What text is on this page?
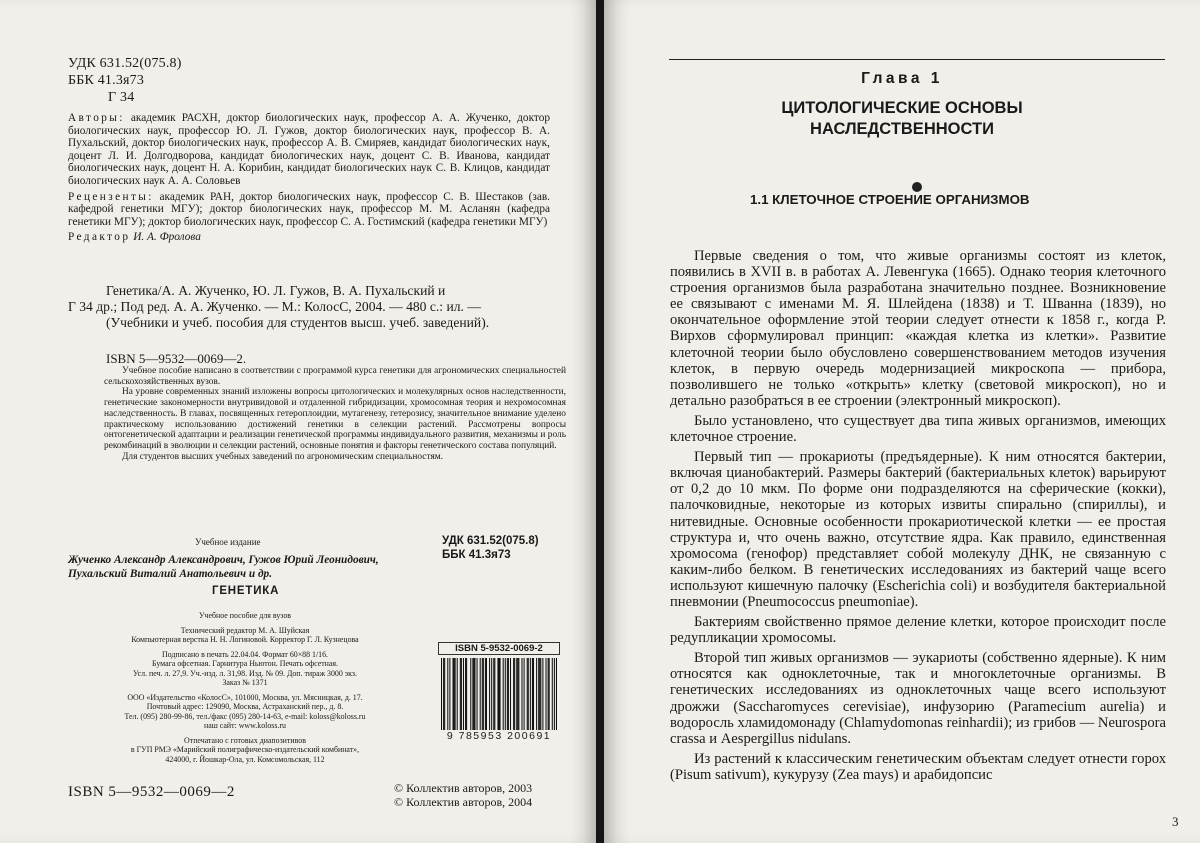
УДК 631.52(075.8)
ББК 41.3я73
Г 34

Авторы: академик РАСХН, доктор биологических наук, профессор А. А. Жученко, доктор биологических наук, профессор Ю. Л. Гужов, доктор биологических наук, профессор В. А. Пухальский, доктор биологических наук, профессор А. В. Смиряев, кандидат биологических наук, доцент Л. И. Долгодворова, кандидат биологических наук, доцент С. В. Иванова, кандидат биологических наук, доцент Н. А. Корибин, кандидат биологических наук С. В. Клицов, кандидат биологических наук А. А. Соловьев

Рецензенты: академик РАН, доктор биологических наук, профессор С. В. Шестаков (зав. кафедрой генетики МГУ); доктор биологических наук, профессор М. М. Асланян (кафедра генетики МГУ); доктор биологических наук, профессор С. А. Гостимский (кафедра генетики МГУ)

Редактор И. А. Фролова

Генетика/А. А. Жученко, Ю. Л. Гужов, В. А. Пухальский и

Г 34 др.; Под ред. А. А. Жученко. — М.: КолосС, 2004. — 480 с.: ил. —

(Учебники и учеб. пособия для студентов высш. учеб. заведений).

ISBN 5—9532—0069—2.

Учебное пособие написано в соответствии с программой курса генетики для агрономических специальностей сельскохозяйственных вузов.

На уровне современных знаний изложены вопросы цитологических и молекулярных основ наследственности, генетические закономерности внутривидовой и отдаленной гибридизации, хромосомная теория и нехромосомная наследственность. В главах, посвященных гетероплоидии, мутагенезу, гетерозису, значительное внимание уделено практическому использованию достижений генетики в селекции растений. Рассмотрены вопросы онтогенетической адаптации и реализации генетической программы индивидуального развития, механизмы и роль рекомбинаций в эволюции и селекции растений, основные понятия и факторы генетического состава популяций.

Для студентов высших учебных заведений по агрономическим специальностям.

Учебное издание	УДК 631.52(075.8)
ББК 41.3я73
Жученко Александр Александрович, Гужов Юрий Леонидович, Пухальский Виталий Анатольевич и др.
ГЕНЕТИКА

Учебное пособие для вузов

Технический редактор М. А. Шуйская

Компьютерная верстка Н. Н. Логиновой. Корректор Г. Л. Кузнецова

Подписано в печать 22.04.04. Формат 60×88 1/16.

Бумага офсетная. Гарнитура Ньютон. Печать офсетная.

Усл. печ. л. 27,9. Уч.-изд. л. 31,98. Изд. № 09. Доп. тираж 3000 экз.

Заказ № 1371

ООО «Издательство «КолосС», 101000, Москва, ул. Мясницкая, д. 17.

Почтовый адрес: 129090, Москва, Астраханский пер., д. 8.

Тел. (095) 280-99-86, тел./факс (095) 280-14-63, e-mail: koloss@koloss.ru

наш сайт: www.koloss.ru

Отпечатано с готовых диапозитивов

в ГУП РМЭ «Марийский полиграфическо-издательский комбинат»,

424000, г. Йошкар-Ола, ул. Комсомольская, 112

ISBN 5-9532-0069-2
9 785953 200691
ISBN 5—9532—0069—2	© Коллектив авторов, 2003
© Коллектив авторов, 2004
Глава 1
ЦИТОЛОГИЧЕСКИЕ ОСНОВЫ
НАСЛЕДСТВЕННОСТИ
1.1 КЛЕТОЧНОЕ СТРОЕНИЕ ОРГАНИЗМОВ

Первые сведения о том, что живые организмы состоят из клеток, появились в XVII в. в работах А. Левенгука (1665). Однако теория клеточного строения организмов была разработана значительно позднее. Возникновение ее связывают с именами М. Я. Шлейдена (1838) и Т. Шванна (1839), но окончательное оформление этой теории следует отнести к 1858 г., когда Р. Вирхов сформулировал принцип: «каждая клетка из клетки». Развитие клеточной теории было обусловлено совершенствованием методов изучения клеток, в первую очередь модернизацией микроскопа — прибора, позволившего не только «открыть» клетку (световой микроскоп), но и детально разобраться в ее строении (электронный микроскоп).

Было установлено, что существует два типа живых организмов, имеющих клеточное строение.

Первый тип — прокариоты (предъядерные). К ним относятся бактерии, включая цианобактерий. Размеры бактерий (бактериальных клеток) варьируют от 0,2 до 10 мкм. По форме они подразделяются на сферические (кокки), палочковидные, некоторые из которых извиты спирально (спириллы), и нитевидные. Основные особенности прокариотической клетки — ее простая структура и, что очень важно, отсутствие ядра. Как правило, единственная хромосома (генофор) представляет собой молекулу ДНК, не связанную с каким-либо белком. В генетических исследованиях из бактерий чаще всего используют кишечную палочку (Escherichia coli) и возбудителя бактериальной пневмонии (Pneumococcus pneumoniae).

Бактериям свойственно прямое деление клетки, которое происходит после редупликации хромосомы.

Второй тип живых организмов — эукариоты (собственно ядерные). К ним относятся как одноклеточные, так и многоклеточные организмы. В генетических исследованиях из одноклеточных чаще всего используют дрожжи (Saccharomyces cerevisiae), инфузорию (Paramecium aurelia) и водоросль хламидомонаду (Chlamydomonas reinhardii); из грибов — Neurospora crassa и Aespergillus nidulans.

Из растений к классическим генетическим объектам следует отнести горох (Pisum sativum), кукурузу (Zea mays) и арабидопсис

3
